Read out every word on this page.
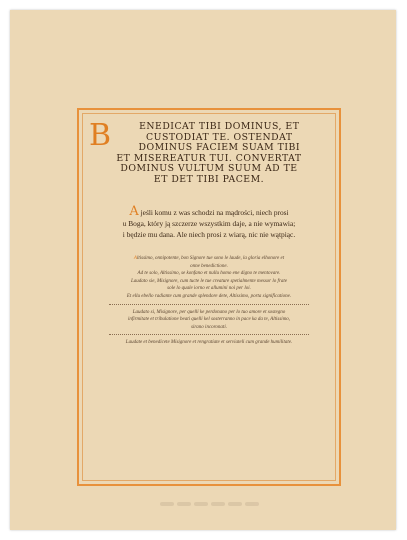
B	ENEDICAT TIBI DOMINUS, ET
CUSTODIAT TE. OSTENDAT
DOMINUS FACIEM SUAM TIBI
ET MISEREATUR TUI. CONVERTAT
DOMINUS VULTUM SUUM AD TE
ET DET TIBI PACEM.
A jeśli komu z was schodzi na mądrości, niech prosi
u Boga, który ją szczerze wszystkim daje, a nie wymawia;
i będzie mu dana. Ale niech prosi z wiarą, nic nie wątpiąc.
Altissimo, onnipotente, bon Signore tue sono le laude, la gloria elhonore et
onne benedictione.
Ad te solo, Altissimo, se konfano et nullu homo ene digno te mentovare.
Laudato sie, Misignore, cum tucte le tue creature spetialmente messor lo frate
sole lo quale iorno et allumini noi per loi.
Et ellu ebello radiante cum grande splendore dete, Altissimo, porta significatione.
Laudato si, Misignore, per quelli ke perdonano per lo tuo amore et sostegno
infirmitate et tribulatione beati quelli kel sosterranno in pace ka da te, Altissimo,
sirano incoronati.
Laudate et benedicete Misignore et rengratiate et serviateli cum grande humilitate.
